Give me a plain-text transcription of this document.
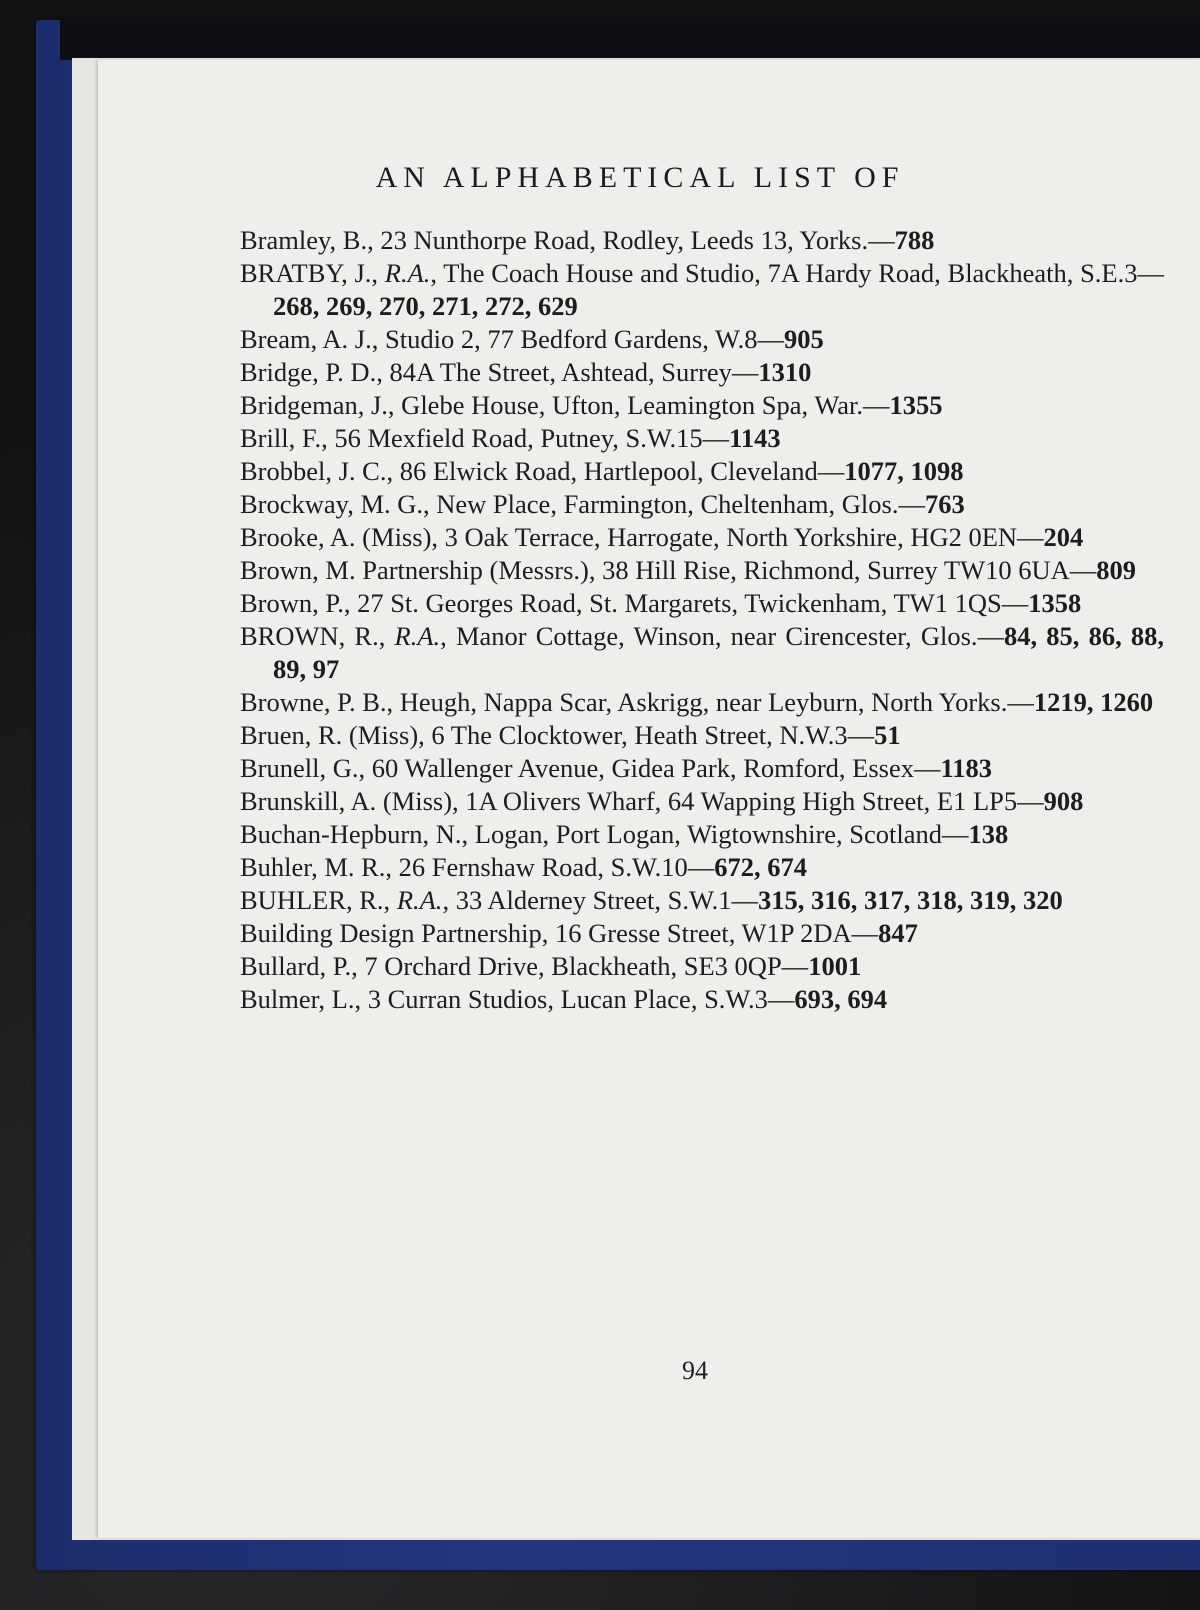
AN ALPHABETICAL LIST OF

Bramley, B., 23 Nunthorpe Road, Rodley, Leeds 13, Yorks.—788

BRATBY, J., R.A., The Coach House and Studio, 7A Hardy Road, Blackheath, S.E.3—268, 269, 270, 271, 272, 629

Bream, A. J., Studio 2, 77 Bedford Gardens, W.8—905

Bridge, P. D., 84A The Street, Ashtead, Surrey—1310

Bridgeman, J., Glebe House, Ufton, Leamington Spa, War.—1355

Brill, F., 56 Mexfield Road, Putney, S.W.15—1143

Brobbel, J. C., 86 Elwick Road, Hartlepool, Cleveland—1077, 1098

Brockway, M. G., New Place, Farmington, Cheltenham, Glos.—763

Brooke, A. (Miss), 3 Oak Terrace, Harrogate, North Yorkshire, HG2 0EN—204

Brown, M. Partnership (Messrs.), 38 Hill Rise, Richmond, Surrey TW10 6UA—809

Brown, P., 27 St. Georges Road, St. Margarets, Twickenham, TW1 1QS—1358

BROWN, R., R.A., Manor Cottage, Winson, near Cirencester, Glos.—84, 85, 86, 88, 89, 97

Browne, P. B., Heugh, Nappa Scar, Askrigg, near Leyburn, North Yorks.—1219, 1260

Bruen, R. (Miss), 6 The Clocktower, Heath Street, N.W.3—51

Brunell, G., 60 Wallenger Avenue, Gidea Park, Romford, Essex—1183

Brunskill, A. (Miss), 1A Olivers Wharf, 64 Wapping High Street, E1 LP5—908

Buchan-Hepburn, N., Logan, Port Logan, Wigtownshire, Scotland—138

Buhler, M. R., 26 Fernshaw Road, S.W.10—672, 674

BUHLER, R., R.A., 33 Alderney Street, S.W.1—315, 316, 317, 318, 319, 320

Building Design Partnership, 16 Gresse Street, W1P 2DA—847

Bullard, P., 7 Orchard Drive, Blackheath, SE3 0QP—1001

Bulmer, L., 3 Curran Studios, Lucan Place, S.W.3—693, 694

94
